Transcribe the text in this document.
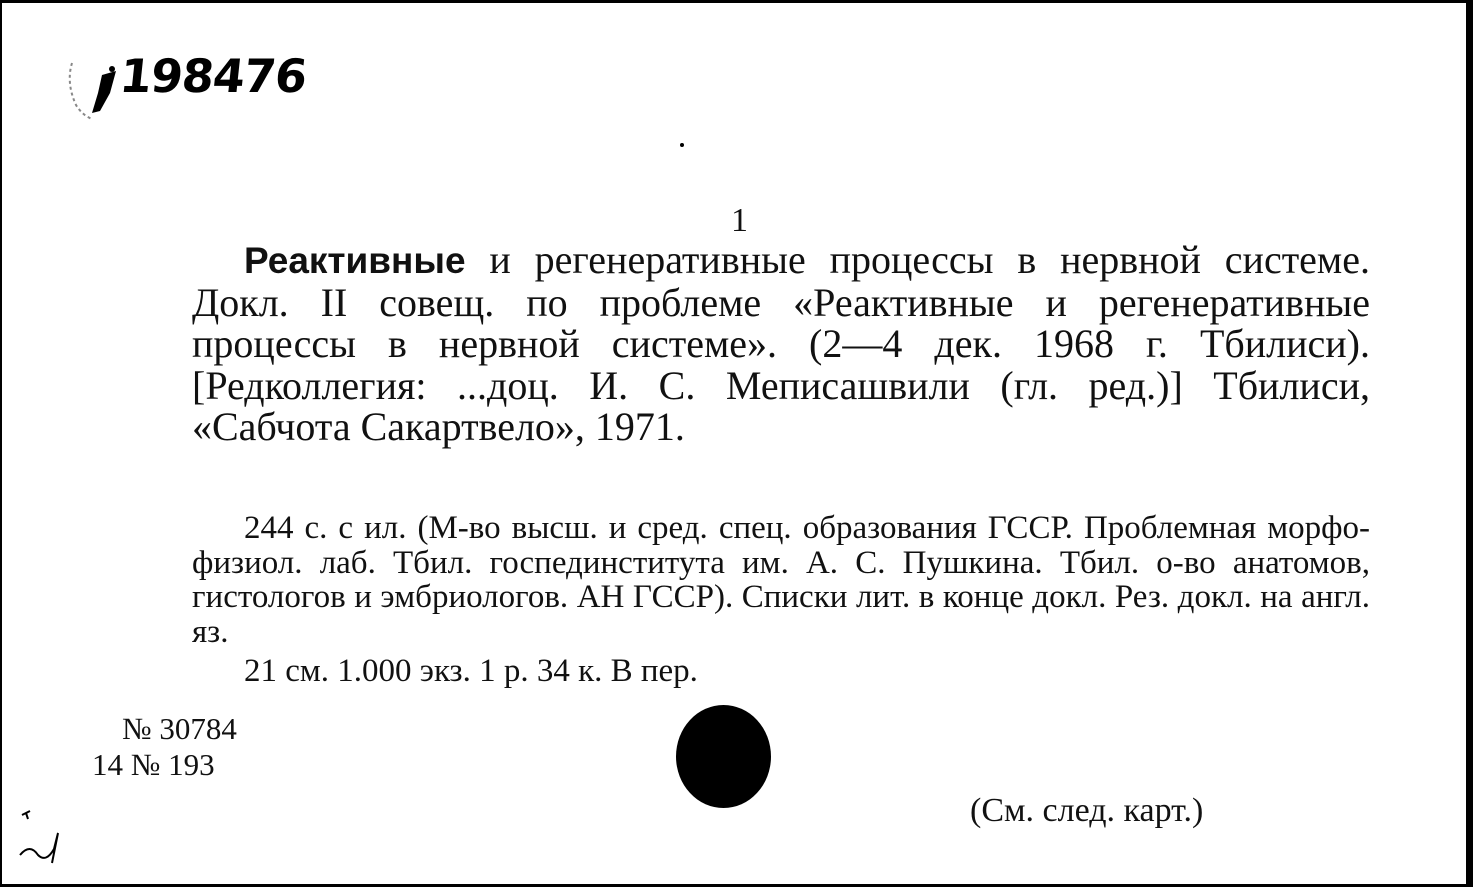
198476
1

Реактивные и регенеративные процессы в нервной системе. Докл. II совещ. по проблеме «Реактивные и регенеративные процессы в нервной системе». (2—4 дек. 1968 г. Тбилиси). [Редколлегия: ...доц. И. С. Меписашвили (гл. ред.)] Тбилиси, «Сабчота Сакартвело», 1971.

244 с. с ил. (М-во высш. и сред. спец. образования ГССР. Проблемная морфо-физиол. лаб. Тбил. госпединститута им. А. С. Пушкина. Тбил. о-во анатомов, гистологов и эмбриологов. АН ГССР). Списки лит. в конце докл. Рез. докл. на англ. яз.

21 см. 1.000 экз. 1 р. 34 к. В пер.
№ 30784
14 № 193
(См. след. карт.)
